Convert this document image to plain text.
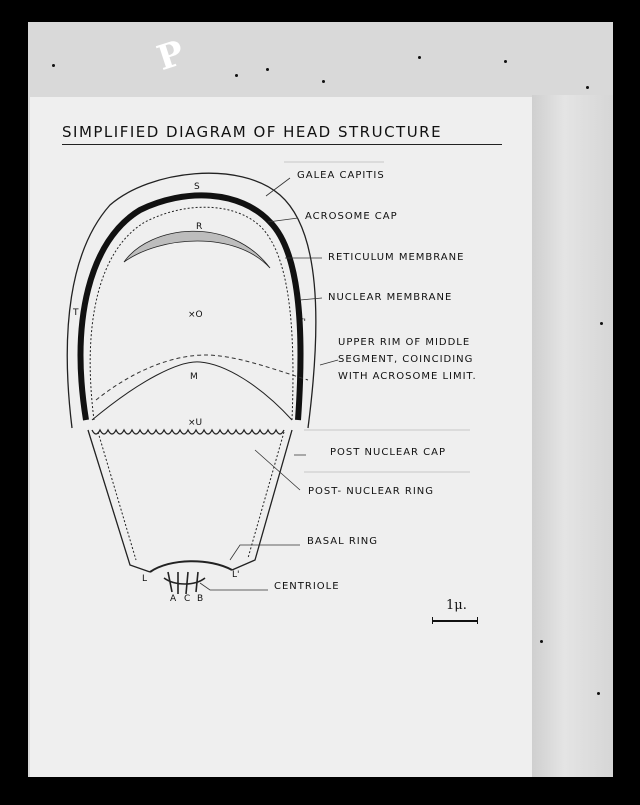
P
SIMPLIFIED DIAGRAM OF HEAD STRUCTURE
GALEA CAPITIS
ACROSOME CAP
RETICULUM MEMBRANE
NUCLEAR MEMBRANE
UPPER RIM OF MIDDLE SEGMENT, COINCIDING WITH ACROSOME LIMIT.
POST NUCLEAR CAP
POST- NUCLEAR RING
BASAL RING
CENTRIOLE
S
R
×O
M
×U
T
T'
L	L'
A C B	1μ.
